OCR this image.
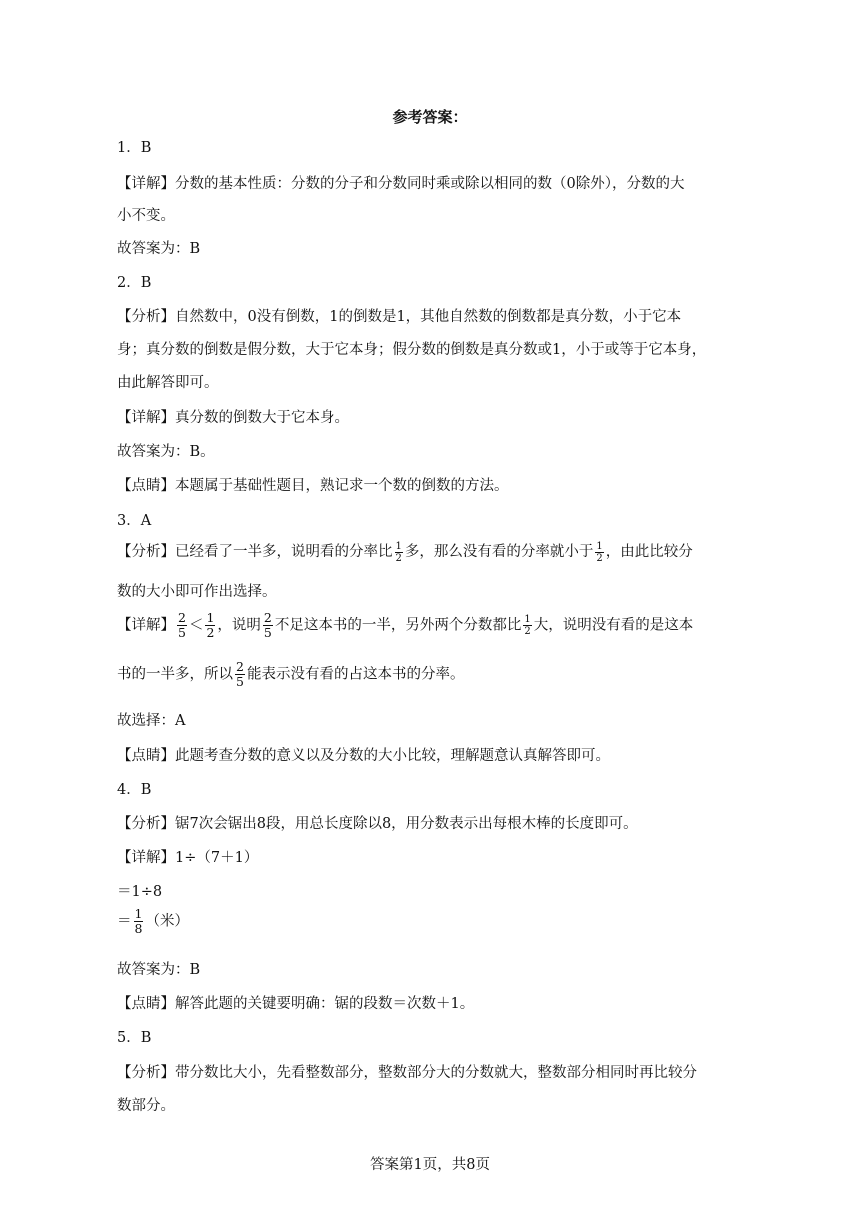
参考答案：
1．B
【详解】分数的基本性质：分数的分子和分数同时乘或除以相同的数（0除外），分数的大
小不变。
故答案为：B
2．B
【分析】自然数中，0没有倒数，1的倒数是1，其他自然数的倒数都是真分数，小于它本
身；真分数的倒数是假分数，大于它本身；假分数的倒数是真分数或1，小于或等于它本身，
由此解答即可。
【详解】真分数的倒数大于它本身。
故答案为：B。
【点睛】本题属于基础性题目，熟记求一个数的倒数的方法。
3．A
【分析】已经看了一半多，说明看的分率比 $\frac{1}{2}$ 多，那么没有看的分率就小于 $\frac{1}{2}$ ，由此比较分
数的大小即可作出选择。
【详解】 $\frac{2}{5} < \frac{1}{2}$ ，说明 $\frac{2}{5}$ 不足这本书的一半，另外两个分数都比 $\frac{1}{2}$ 大，说明没有看的是这本
书的一半多，所以 $\frac{2}{5}$ 能表示没有看的占这本书的分率。
故选择：A
【点睛】此题考查分数的意义以及分数的大小比较，理解题意认真解答即可。
4．B
【分析】锯7次会锯出8段，用总长度除以8，用分数表示出每根木棒的长度即可。
【详解】1÷（7＋1）
＝1÷8
＝ $\frac{1}{8}$ （米）
故答案为：B
【点睛】解答此题的关键要明确：锯的段数＝次数＋1。
5．B
【分析】带分数比大小，先看整数部分，整数部分大的分数就大，整数部分相同时再比较分
数部分。
答案第1页，共8页
